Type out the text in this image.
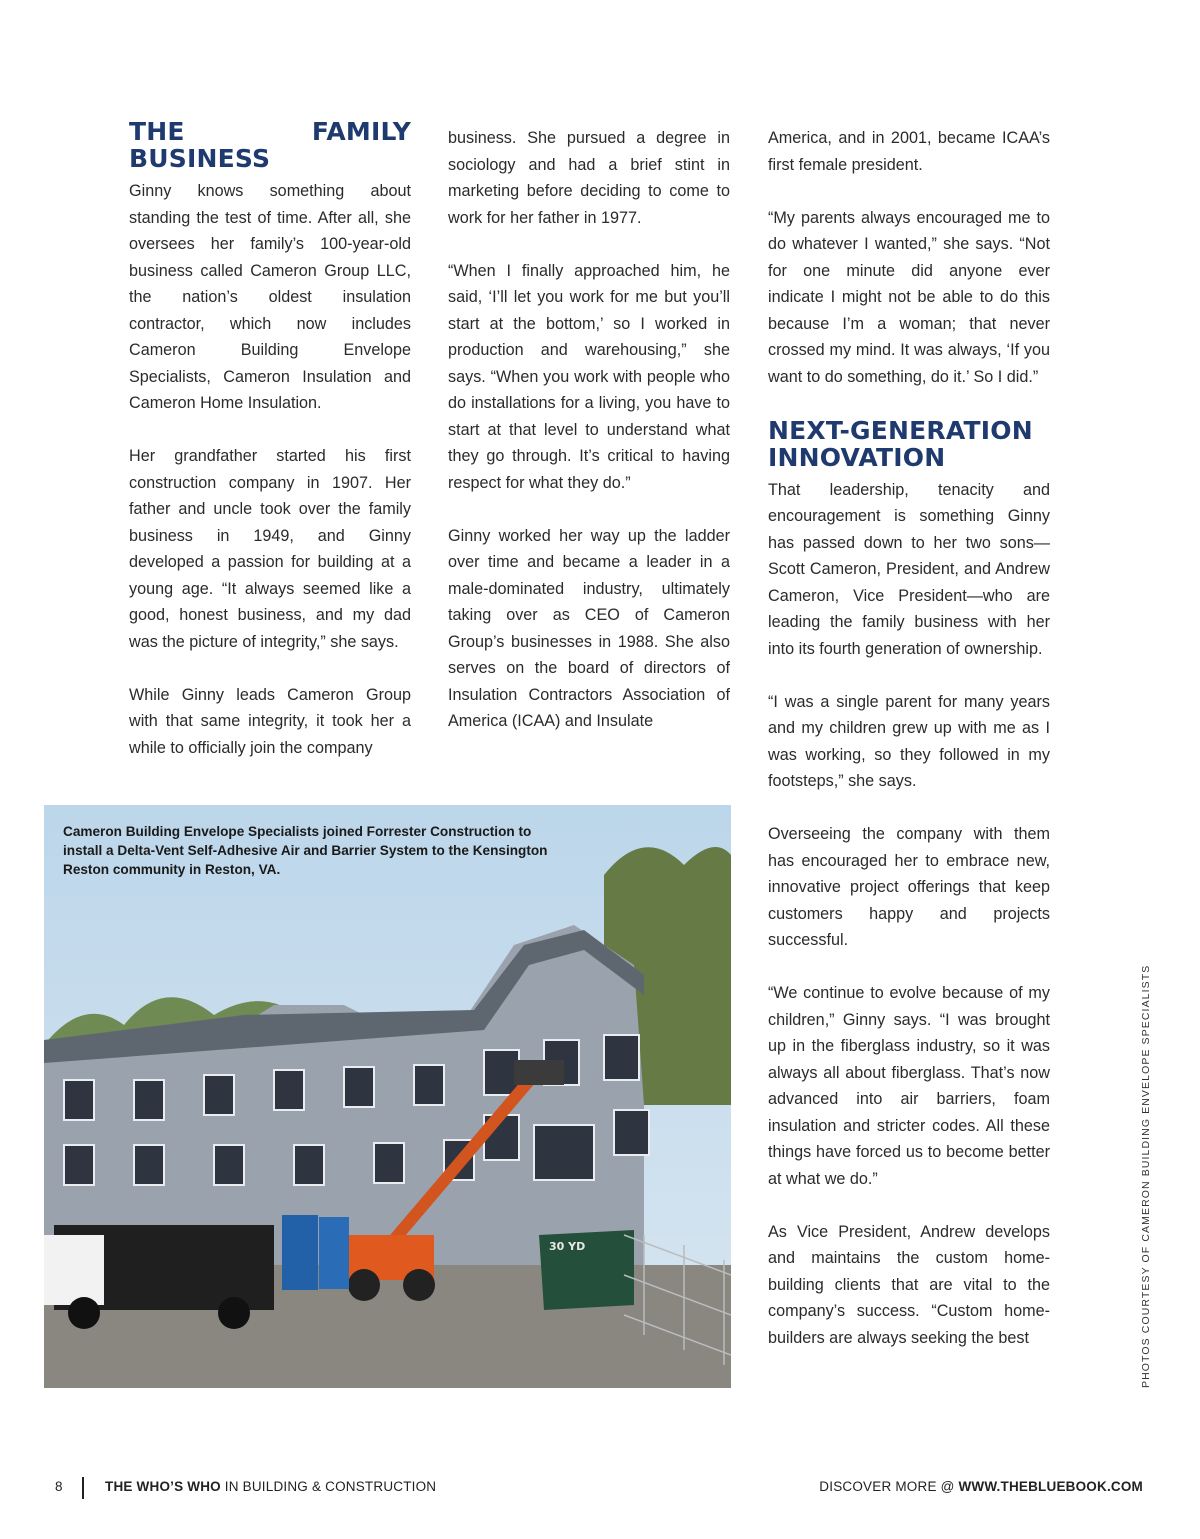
THE FAMILY BUSINESS

Ginny knows something about standing the test of time. After all, she oversees her family’s 100-year-old business called Cameron Group LLC, the nation’s oldest insulation contractor, which now includes Cameron Building Envelope Specialists, Cameron Insulation and Cameron Home Insulation.

Her grandfather started his first construction company in 1907. Her father and uncle took over the family business in 1949, and Ginny developed a passion for building at a young age. “It always seemed like a good, honest business, and my dad was the picture of integrity,” she says.

While Ginny leads Cameron Group with that same integrity, it took her a while to officially join the company

business. She pursued a degree in sociology and had a brief stint in marketing before deciding to come to work for her father in 1977.

“When I finally approached him, he said, ‘I’ll let you work for me but you’ll start at the bottom,’ so I worked in production and warehousing,” she says. “When you work with people who do installations for a living, you have to start at that level to understand what they go through. It’s critical to having respect for what they do.”

Ginny worked her way up the ladder over time and became a leader in a male-dominated industry, ultimately taking over as CEO of Cameron Group’s businesses in 1988. She also serves on the board of directors of Insulation Contractors Association of America (ICAA) and Insulate

America, and in 2001, became ICAA’s first female president.

“My parents always encouraged me to do whatever I wanted,” she says. “Not for one minute did anyone ever indicate I might not be able to do this because I’m a woman; that never crossed my mind. It was always, ‘If you want to do something, do it.’ So I did.”

NEXT-GENERATION INNOVATION

That leadership, tenacity and encouragement is something Ginny has passed down to her two sons—Scott Cameron, President, and Andrew Cameron, Vice President—who are leading the family business with her into its fourth generation of ownership.

“I was a single parent for many years and my children grew up with me as I was working, so they followed in my footsteps,” she says.

Overseeing the company with them has encouraged her to embrace new, innovative project offerings that keep customers happy and projects successful.

“We continue to evolve because of my children,” Ginny says. “I was brought up in the fiberglass industry, so it was always all about fiberglass. That’s now advanced into air barriers, foam insulation and stricter codes. All these things have forced us to become better at what we do.”

As Vice President, Andrew develops and maintains the custom home-building clients that are vital to the company’s success. “Custom home-builders are always seeking the best

30 YD
Cameron Building Envelope Specialists joined Forrester Construction to install a Delta-Vent Self-Adhesive Air and Barrier System to the Kensington Reston community in Reston, VA.
PHOTOS COURTESY OF CAMERON BUILDING ENVELOPE SPECIALISTS
8	THE WHO’S WHO IN BUILDING & CONSTRUCTION	DISCOVER MORE @ WWW.THEBLUEBOOK.COM
